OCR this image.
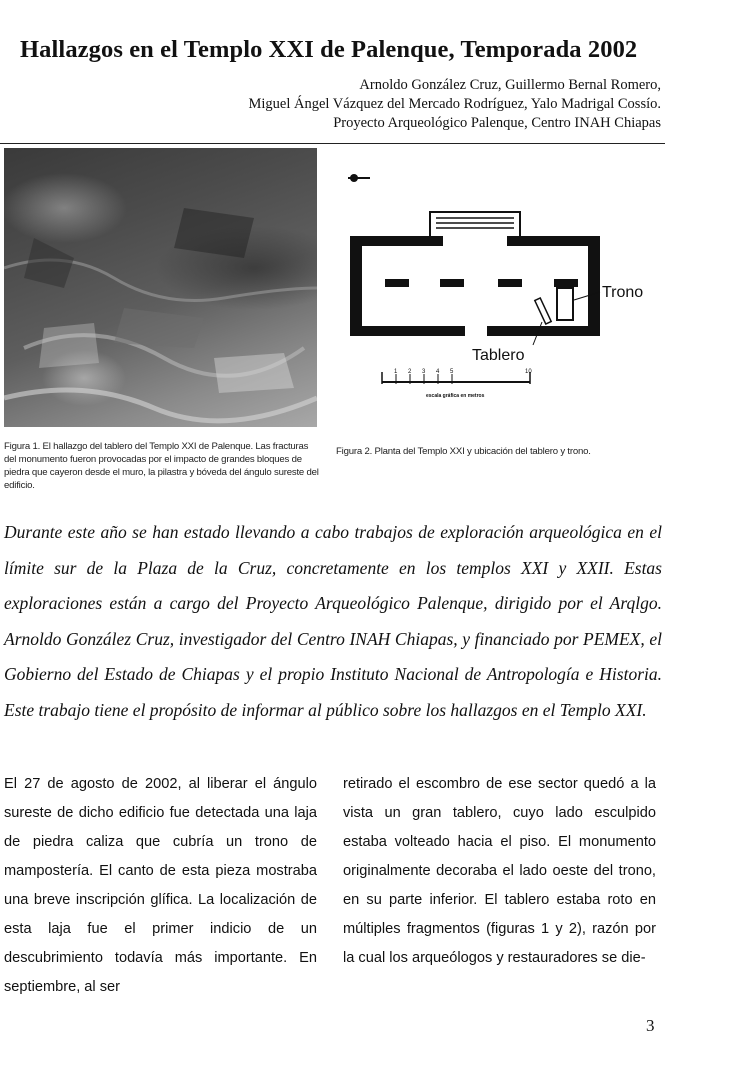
Hallazgos en el Templo XXI de Palenque, Temporada 2002
Arnoldo González Cruz, Guillermo Bernal Romero,
Miguel Ángel Vázquez del Mercado Rodríguez, Yalo Madrigal Cossío.
Proyecto Arqueológico Palenque, Centro INAH Chiapas
Trono
Tablero
1 2 3 4 5	10
escala gráfica en metros
Figura 1. El hallazgo del tablero del Templo XXI de Palenque. Las fracturas del monumento fueron provocadas por el impacto de grandes bloques de piedra que cayeron desde el muro, la pilastra y bóveda del ángulo sureste del edificio.
Figura 2. Planta del Templo XXI y ubicación del tablero y trono.

Durante este año se han estado llevando a cabo trabajos de exploración arqueológica en el límite sur de la Plaza de la Cruz, concretamente en los templos XXI y XXII. Estas exploraciones están a cargo del Proyecto Arqueológico Palenque, dirigido por el Arqlgo. Arnoldo González Cruz, investigador del Centro INAH Chiapas, y financiado por PEMEX, el Gobierno del Estado de Chiapas y el propio Instituto Nacional de Antropología e Historia. Este trabajo tiene el propósito de informar al público sobre los hallazgos en el Templo XXI.

El 27 de agosto de 2002, al liberar el ángulo sureste de dicho edificio fue detectada una laja de piedra caliza que cubría un trono de mampostería. El canto de esta pieza mostraba una breve inscripción glífica. La localización de esta laja fue el primer indicio de un descubrimiento todavía más importante. En septiembre, al ser

retirado el escombro de ese sector quedó a la vista un gran tablero, cuyo lado esculpido estaba volteado hacia el piso. El monumento originalmente decoraba el lado oeste del trono, en su parte inferior. El tablero estaba roto en múltiples fragmentos (figuras 1 y 2), razón por la cual los arqueólogos y restauradores se die-

3
